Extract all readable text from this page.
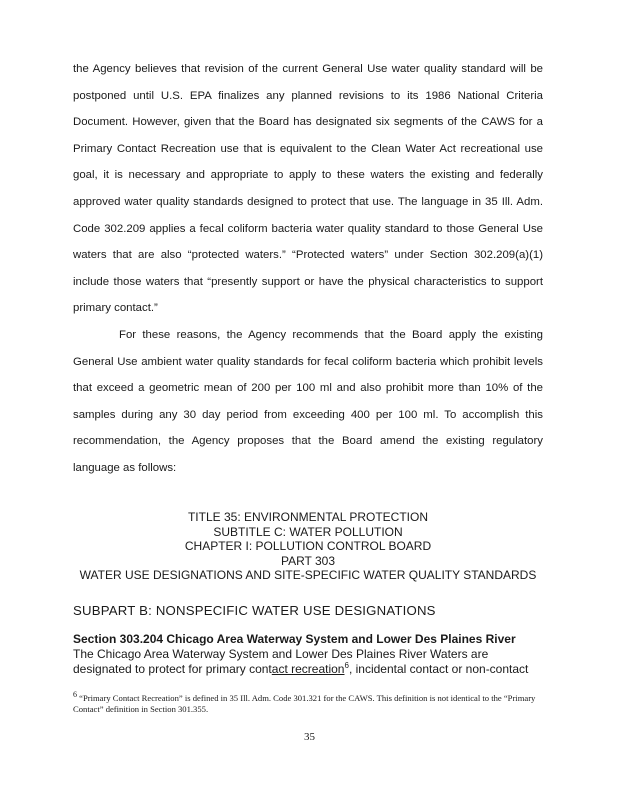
the Agency believes that revision of the current General Use water quality standard will be postponed until U.S. EPA finalizes any planned revisions to its 1986 National Criteria Document. However, given that the Board has designated six segments of the CAWS for a Primary Contact Recreation use that is equivalent to the Clean Water Act recreational use goal, it is necessary and appropriate to apply to these waters the existing and federally approved water quality standards designed to protect that use. The language in 35 Ill. Adm. Code 302.209 applies a fecal coliform bacteria water quality standard to those General Use waters that are also “protected waters.” “Protected waters” under Section 302.209(a)(1) include those waters that “presently support or have the physical characteristics to support primary contact.”

For these reasons, the Agency recommends that the Board apply the existing General Use ambient water quality standards for fecal coliform bacteria which prohibit levels that exceed a geometric mean of 200 per 100 ml and also prohibit more than 10% of the samples during any 30 day period from exceeding 400 per 100 ml. To accomplish this recommendation, the Agency proposes that the Board amend the existing regulatory language as follows:

TITLE 35: ENVIRONMENTAL PROTECTION
SUBTITLE C: WATER POLLUTION
CHAPTER I: POLLUTION CONTROL BOARD
PART 303
WATER USE DESIGNATIONS AND SITE-SPECIFIC WATER QUALITY STANDARDS
SUBPART B: NONSPECIFIC WATER USE DESIGNATIONS
Section 303.204 Chicago Area Waterway System and Lower Des Plaines River
The Chicago Area Waterway System and Lower Des Plaines River Waters are designated to protect for primary contact recreation$^6$, incidental contact or non-contact
$^6$ “Primary Contact Recreation” is defined in 35 Ill. Adm. Code 301.321 for the CAWS. This definition is not identical to the “Primary Contact” definition in Section 301.355.
35
